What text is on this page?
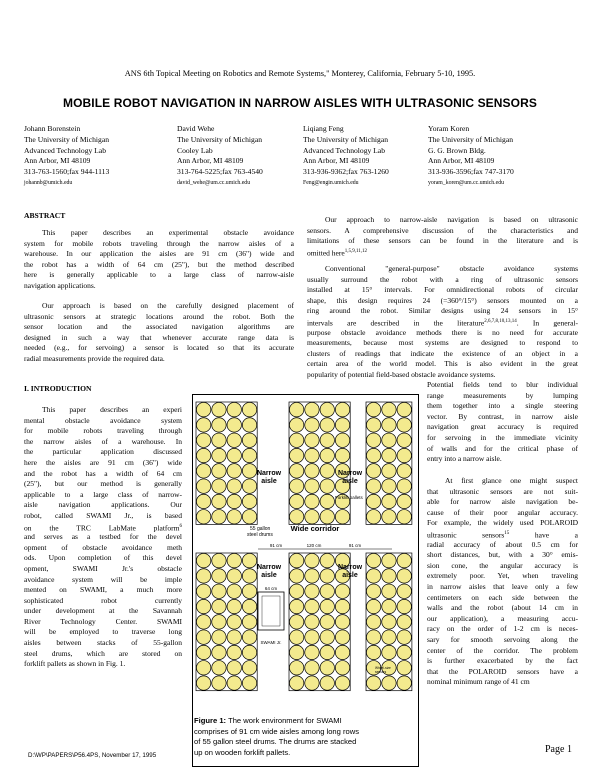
ANS 6th Topical Meeting on Robotics and Remote Systems," Monterey, California, February 5-10, 1995.
MOBILE ROBOT NAVIGATION IN NARROW AISLES WITH ULTRASONIC SENSORS
Johann Borenstein
The University of Michigan
Advanced Technology Lab
Ann Arbor, MI 48109
313-763-1560;fax 944-1113
johannb@umich.edu
David Wehe
The University of Michigan
Cooley Lab
Ann Arbor, MI 48109
313-764-5225;fax 763-4540
david_wehe@um.cc.umich.edu
Liqiang Feng
The University of Michigan
Advanced Technology Lab
Ann Arbor, MI 48109
313-936-9362;fax 763-1260
Feng@engin.umich.edu
Yoram Koren
The University of Michigan
G. G. Brown Bldg.
Ann Arbor, MI 48109
313-936-3596;fax 747-3170
yoram_koren@um.cc.umich.edu
ABSTRACT
This paper describes an experimental obstacle avoidance
system for mobile robots traveling through the narrow aisles of a
warehouse. In our application the aisles are 91 cm (36") wide and
the robot has a width of 64 cm (25"), but the method described
here is generally applicable to a large class of narrow-aisle
navigation applications.
Our approach is based on the carefully designed placement of
ultrasonic sensors at strategic locations around the robot. Both the
sensor location and the associated navigation algorithms are
designed in such a way that whenever accurate range data is
needed (e.g., for servoing) a sensor is located so that its accurate
radial measurements provide the required data.
I. INTRODUCTION
This paper describes an experi
mental obstacle avoidance system
for mobile robots traveling through
the narrow aisles of a warehouse. In
the particular application discussed
here the aisles are 91 cm (36") wide
and the robot has a width of 64 cm
(25"), but our method is generally
applicable to a large class of narrow-
aisle navigation applications. Our
robot, called SWAMI Jr., is based
on the TRC LabMate platform$^6$
and serves as a testbed for the devel
opment of obstacle avoidance meth
ods. Upon completion of this devel
opment, SWAMI Jr.'s obstacle
avoidance system will be imple
mented on SWAMI, a much more
sophisticated robot currently
under development at the Savannah
River Technology Center. SWAMI
will be employed to traverse long
aisles between stacks of 55-gallon
steel drums, which are stored on
forklift pallets as shown in Fig. 1.
Our approach to narrow-aisle navigation is based on ultrasonic
sensors. A comprehensive discussion of the characteristics and
limitations of these sensors can be found in the literature and is
omitted here$^{1,5,9,11,12}$
Conventional "general-purpose" obstacle avoidance systems
usually surround the robot with a ring of ultrasonic sensors
installed at 15° intervals. For omnidirectional robots of circular
shape, this design requires 24 (=360°/15°) sensors mounted on a
ring around the robot. Similar designs using 24 sensors in 15°
intervals are described in the literature$^{2,6,7,8,10,13,14}$. In general-
purpose obstacle avoidance methods there is no need for accurate
measurements, because most systems are designed to respond to
clusters of readings that indicate the existence of an object in a
certain area of the world model. This is also evident in the great
popularity of potential field-based obstacle avoidance systems.
Potential fields tend to blur individual
range measurements by lumping
them together into a single steering
vector. By contrast, in narrow aisle
navigation great accuracy is required
for servoing in the immediate vicinity
of walls and for the critical phase of
entry into a narrow aisle.
At first glance one might suspect
that ultrasonic sensors are not suit-
able for narrow aisle navigation be-
cause of their poor angular accuracy.
For example, the widely used POLAROID
ultrasonic sensors$^{15}$ have a
radial accuracy of about 0.5 cm for
short distances, but, with a 30° emis-
sion cone, the angular accuracy is
extremely poor. Yet, when traveling
in narrow aisles that leave only a few
centimeters on each side between the
walls and the robot (about 14 cm in
our application), a measuring accu-
racy on the order of 1-2 cm is neces-
sary for smooth servoing along the
center of the corridor. The problem
is further exacerbated by the fact
that the POLAROID sensors have a
nominal minimum range of 41 cm
Narrow
aisle
Narrow
aisle
Forklift pallets
55 gallon
steel drums
Wide corridor
91 cm	120 cm	91 cm
Narrow
aisle
Narrow
aisle
64 cm
SWAMI Jr.
Wheel-size
sensors
Figure 1: The work environment for SWAMI
comprises of 91 cm wide aisles among long rows
of 55 gallon steel drums. The drums are stacked
up on wooden forklift pallets.
D:\WP\PAPERS\P56.4PS, November 17, 1995
Page 1
